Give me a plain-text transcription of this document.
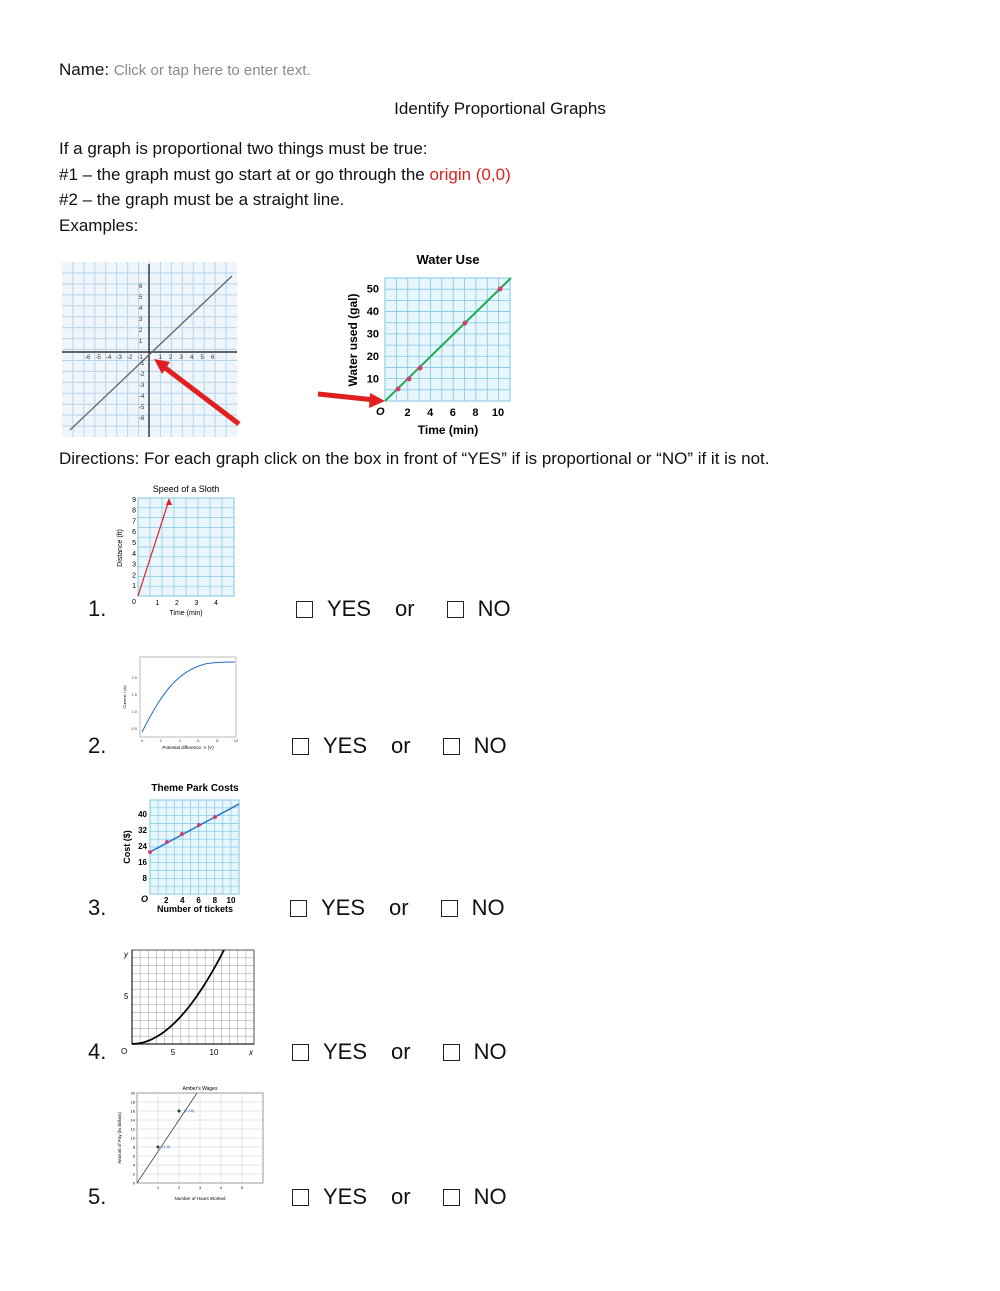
Name: Click or tap here to enter text.
Identify Proportional Graphs
If a graph is proportional two things must be true:
#1 – the graph must go start at or go through the origin (0,0)
#2 – the graph must be a straight line.
Examples:
-6 -5 -4 -3 -2 -1	1 2 3 4 5 6
6
5
4
3
2
1
-1
-2
-3
-4
-5
-6
Water Use
Water used (gal)
Time (min)
O
10
20
30
40
50
2 4 6 8 10
Directions: For each graph click on the box in front of “YES” if is proportional or “NO” if it is not.
Speed of a Sloth
Distance (ft)
Time (min)
0
1
2
3
4
5
6
7
8
9
1 2 3 4
Current, I (A)
Potential difference, V (V)
0.5
1.0
1.5
2.0
0	2	4	6	8	10
Theme Park Costs
Cost ($)
Number of tickets
O
8
16
24
32
40
2 4 6 8 10
y
5
x
O	5	10
Amber's Wages
(1,8)
(2,16)
Amount of Pay (in dollars)
Number of Hours Worked
0
2
4
6
8
10
12
14
16
18
20
1	2	3	4	5
1.	YES or	NO
2.	YES or	NO
3.	YES or	NO
4.	YES or	NO
5.	YES or	NO
